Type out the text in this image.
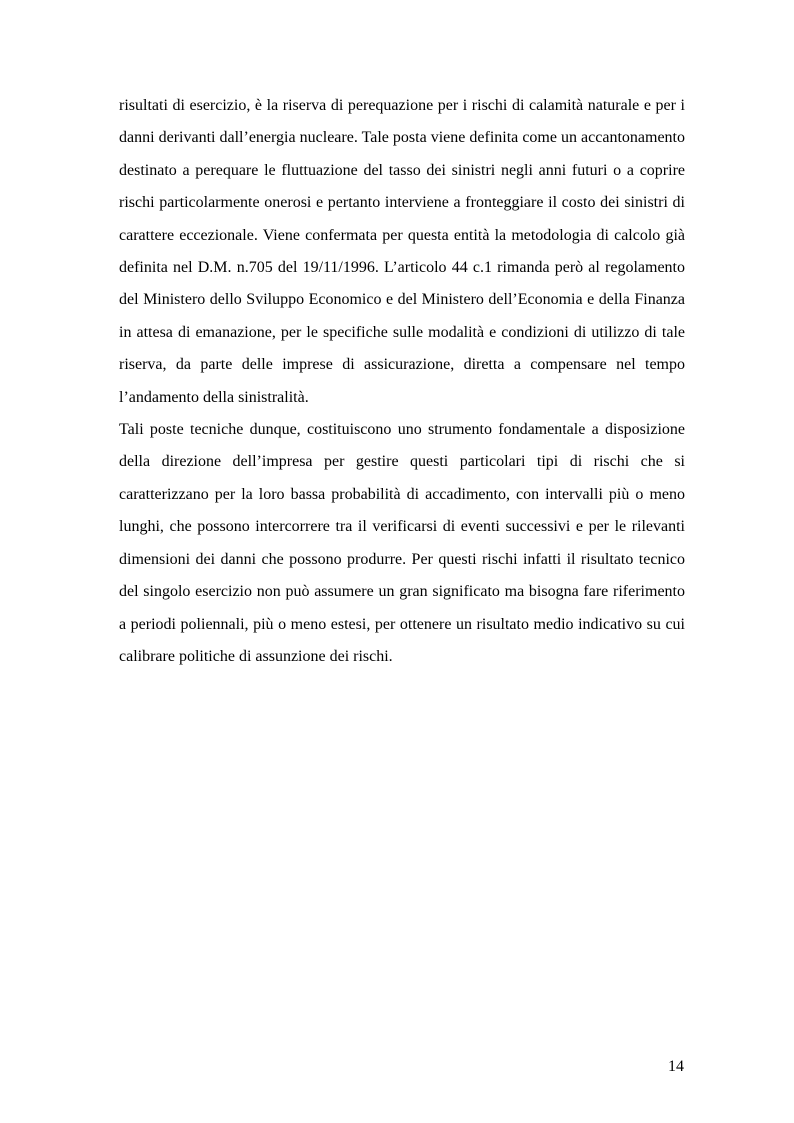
risultati di esercizio, è la riserva di perequazione per i rischi di calamità naturale e per i danni derivanti dall’energia nucleare. Tale posta viene definita come un accantonamento destinato a perequare le fluttuazione del tasso dei sinistri negli anni futuri o a coprire rischi particolarmente onerosi e pertanto interviene a fronteggiare il costo dei sinistri di carattere eccezionale. Viene confermata per questa entità la metodologia di calcolo già definita nel D.M. n.705 del 19/11/1996. L’articolo 44 c.1 rimanda però al regolamento del Ministero dello Sviluppo Economico e del Ministero dell’Economia e della Finanza in attesa di emanazione, per le specifiche sulle modalità e condizioni di utilizzo di tale riserva, da parte delle imprese di assicurazione, diretta a compensare nel tempo l’andamento della sinistralità.

Tali poste tecniche dunque, costituiscono uno strumento fondamentale a disposizione della direzione dell’impresa per gestire questi particolari tipi di rischi che si caratterizzano per la loro bassa probabilità di accadimento, con intervalli più o meno lunghi, che possono intercorrere tra il verificarsi di eventi successivi e per le rilevanti dimensioni dei danni che possono produrre. Per questi rischi infatti il risultato tecnico del singolo esercizio non può assumere un gran significato ma bisogna fare riferimento a periodi poliennali, più o meno estesi, per ottenere un risultato medio indicativo su cui calibrare politiche di assunzione dei rischi.

14
